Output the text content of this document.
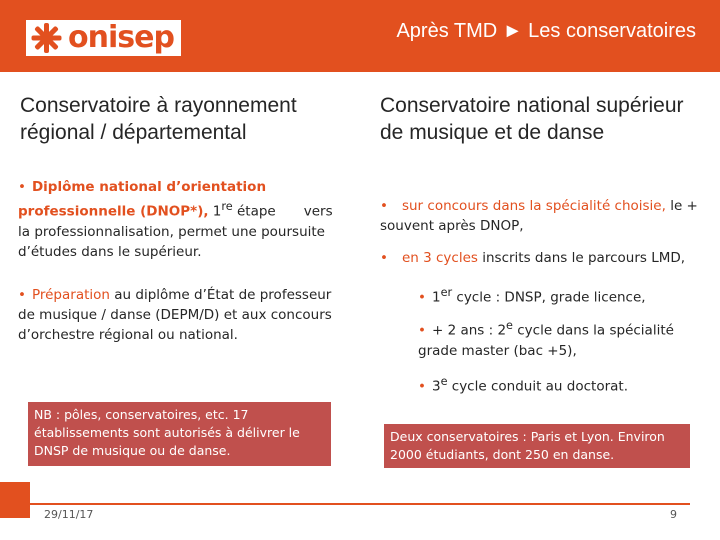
onisep	Après TMD ► Les conservatoires
Conservatoire à rayonnement régional / départemental
• Diplôme national d’orientation professionnelle (DNOP*), 1re étape vers la professionnalisation, permet une poursuite d’études dans le supérieur.
• Préparation au diplôme d’État de professeur de musique / danse (DEPM/D) et aux concours d’orchestre régional ou national.
NB : pôles, conservatoires, etc. 17 établissements sont autorisés à délivrer le DNSP de musique ou de danse.
Conservatoire national supérieur de musique et de danse
• sur concours dans la spécialité choisie, le + souvent après DNOP,
• en 3 cycles inscrits dans le parcours LMD,
• 1er cycle : DNSP, grade licence,
• + 2 ans : 2e cycle dans la spécialité grade master (bac +5),
• 3e cycle conduit au doctorat.
Deux conservatoires : Paris et Lyon. Environ 2000 étudiants, dont 250 en danse.
29/11/17	9
